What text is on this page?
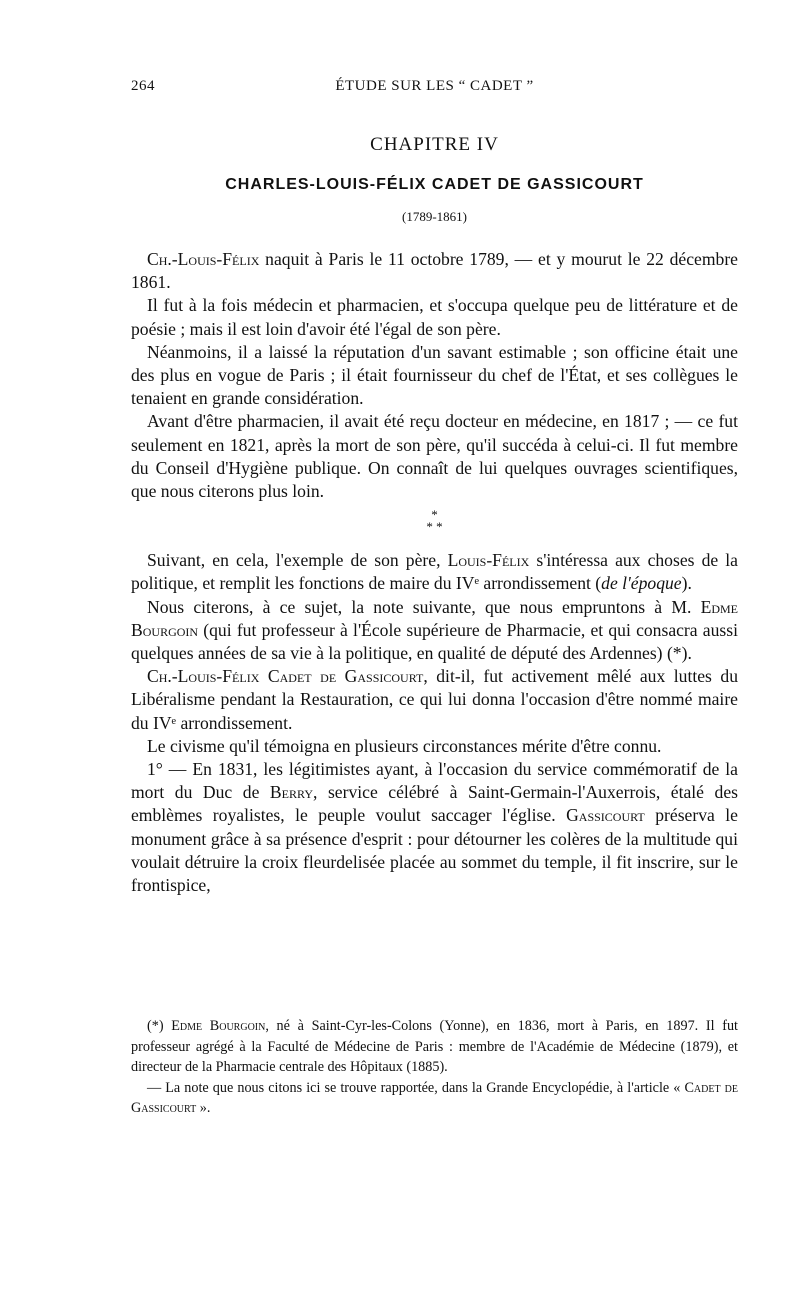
264	ÉTUDE SUR LES “ CADET ”
CHAPITRE IV
CHARLES-LOUIS-FÉLIX CADET DE GASSICOURT
(1789-1861)

Ch.-Louis-Félix naquit à Paris le 11 octobre 1789, — et y mourut le 22 décembre 1861.

Il fut à la fois médecin et pharmacien, et s'occupa quelque peu de littérature et de poésie ; mais il est loin d'avoir été l'égal de son père.

Néanmoins, il a laissé la réputation d'un savant estimable ; son officine était une des plus en vogue de Paris ; il était fournisseur du chef de l'État, et ses collègues le tenaient en grande considération.

Avant d'être pharmacien, il avait été reçu docteur en médecine, en 1817 ; — ce fut seulement en 1821, après la mort de son père, qu'il succéda à celui-ci. Il fut membre du Conseil d'Hygiène publique. On connaît de lui quelques ouvrages scientifiques, que nous citerons plus loin.

*
* *

Suivant, en cela, l'exemple de son père, Louis-Félix s'intéressa aux choses de la politique, et remplit les fonctions de maire du IVᵉ arrondissement (de l'époque).

Nous citerons, à ce sujet, la note suivante, que nous empruntons à M. Edme Bourgoin (qui fut professeur à l'École supérieure de Pharmacie, et qui consacra aussi quelques années de sa vie à la politique, en qualité de député des Ardennes) (*).

Ch.-Louis-Félix Cadet de Gassicourt, dit-il, fut activement mêlé aux luttes du Libéralisme pendant la Restauration, ce qui lui donna l'occasion d'être nommé maire du IVᵉ arrondissement.

Le civisme qu'il témoigna en plusieurs circonstances mérite d'être connu.

1° — En 1831, les légitimistes ayant, à l'occasion du service commémoratif de la mort du Duc de Berry, service célébré à Saint-Germain-l'Auxerrois, étalé des emblèmes royalistes, le peuple voulut saccager l'église. Gassicourt préserva le monument grâce à sa présence d'esprit : pour détourner les colères de la multitude qui voulait détruire la croix fleurdelisée placée au sommet du temple, il fit inscrire, sur le frontispice,

(*) Edme Bourgoin, né à Saint-Cyr-les-Colons (Yonne), en 1836, mort à Paris, en 1897. Il fut professeur agrégé à la Faculté de Médecine de Paris : membre de l'Académie de Médecine (1879), et directeur de la Pharmacie centrale des Hôpitaux (1885).

— La note que nous citons ici se trouve rapportée, dans la Grande Encyclopédie, à l'article « Cadet de Gassicourt ».
